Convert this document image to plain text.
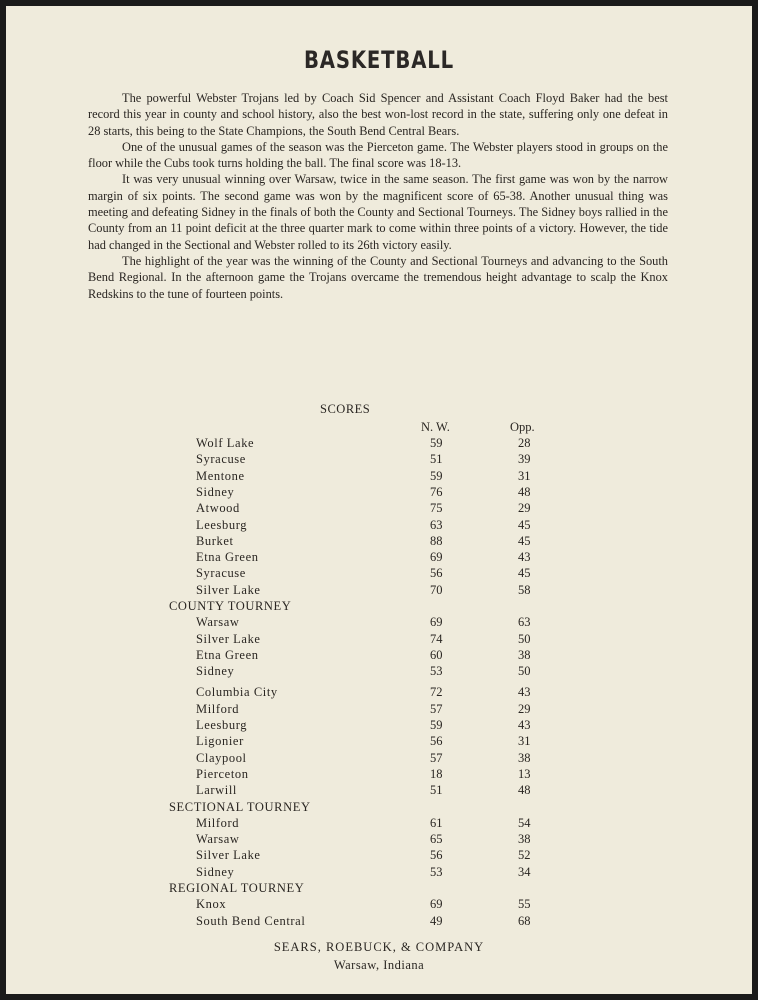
BASKETBALL

The powerful Webster Trojans led by Coach Sid Spencer and Assistant Coach Floyd Baker had the best record this year in county and school history, also the best won-lost record in the state, suffering only one defeat in 28 starts, this being to the State Champions, the South Bend Central Bears.

One of the unusual games of the season was the Pierceton game. The Webster players stood in groups on the floor while the Cubs took turns holding the ball. The final score was 18-13.

It was very unusual winning over Warsaw, twice in the same season. The first game was won by the narrow margin of six points. The second game was won by the magnificent score of 65-38. Another unusual thing was meeting and defeating Sidney in the finals of both the County and Sectional Tourneys. The Sidney boys rallied in the County from an 11 point deficit at the three quarter mark to come within three points of a victory. However, the tide had changed in the Sectional and Webster rolled to its 26th victory easily.

The highlight of the year was the winning of the County and Sectional Tourneys and advancing to the South Bend Regional. In the afternoon game the Trojans overcame the tremendous height advantage to scalp the Knox Redskins to the tune of fourteen points.

SCORES
N. W.	Opp.
SEARS, ROEBUCK, & COMPANY
Warsaw, Indiana
Wolf Lake	59	28
Syracuse	51	39
Mentone	59	31
Sidney	76	48
Atwood	75	29
Leesburg	63	45
Burket	88	45
Etna Green	69	43
Syracuse	56	45
Silver Lake	70	58
COUNTY TOURNEY
Warsaw	69	63
Silver Lake	74	50
Etna Green	60	38
Sidney	53	50
Columbia City	72	43
Milford	57	29
Leesburg	59	43
Ligonier	56	31
Claypool	57	38
Pierceton	18	13
Larwill	51	48
SECTIONAL TOURNEY
Milford	61	54
Warsaw	65	38
Silver Lake	56	52
Sidney	53	34
REGIONAL TOURNEY
Knox	69	55
South Bend Central	49	68
